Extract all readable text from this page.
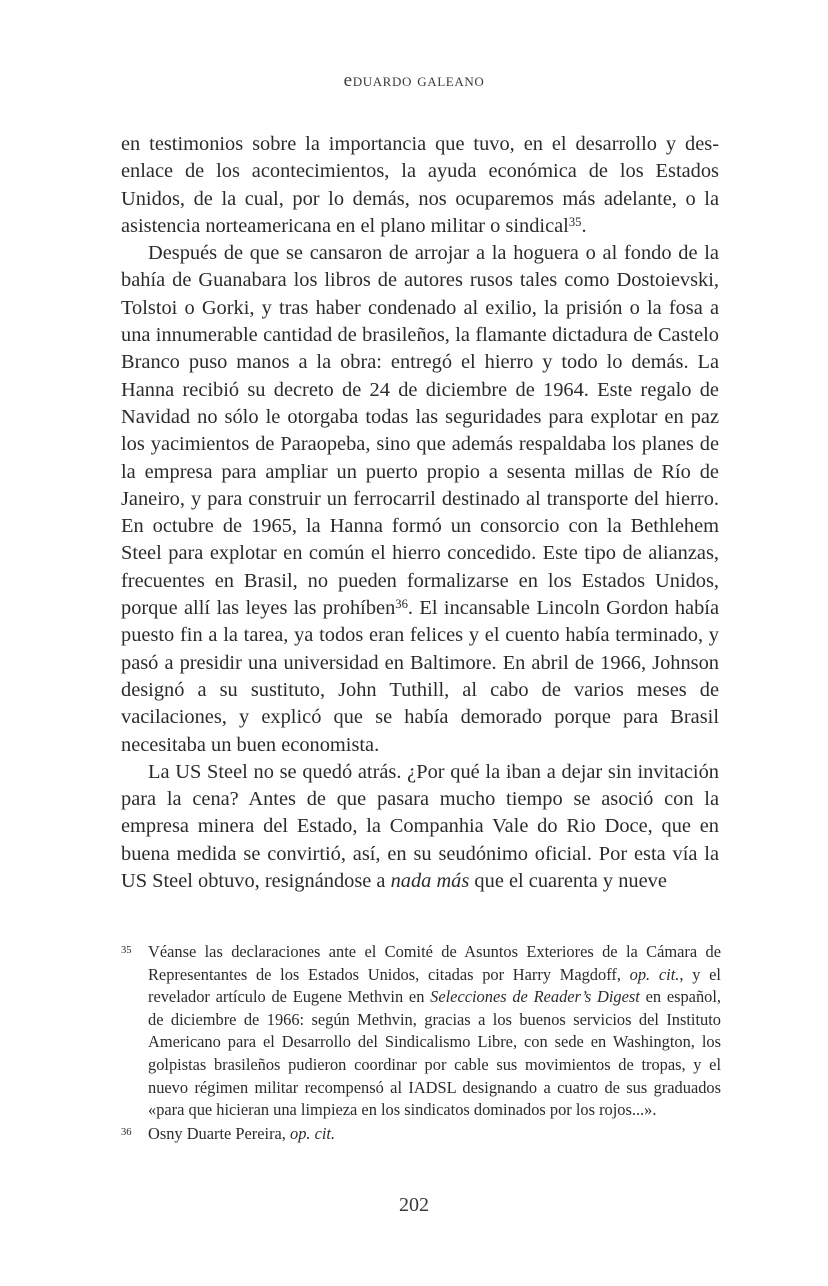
eduardo galeano

en testimonios sobre la importancia que tuvo, en el desarrollo y des-enlace de los acontecimientos, la ayuda económica de los Estados Unidos, de la cual, por lo demás, nos ocuparemos más adelante, o la asistencia norteamericana en el plano militar o sindical$^{35}$.

Después de que se cansaron de arrojar a la hoguera o al fondo de la bahía de Guanabara los libros de autores rusos tales como Dostoievski, Tolstoi o Gorki, y tras haber condenado al exilio, la prisión o la fosa a una innumerable cantidad de brasileños, la flamante dictadura de Castelo Branco puso manos a la obra: entregó el hierro y todo lo demás. La Hanna recibió su decreto de 24 de diciembre de 1964. Este regalo de Navidad no sólo le otorgaba todas las seguridades para explotar en paz los yacimientos de Paraopeba, sino que además respaldaba los planes de la empresa para ampliar un puerto propio a sesenta millas de Río de Janeiro, y para construir un ferrocarril destinado al transporte del hierro. En octubre de 1965, la Hanna formó un consorcio con la Bethlehem Steel para explotar en común el hierro concedido. Este tipo de alianzas, frecuentes en Brasil, no pueden formalizarse en los Estados Unidos, porque allí las leyes las prohíben$^{36}$. El incansable Lincoln Gordon había puesto fin a la tarea, ya todos eran felices y el cuento había terminado, y pasó a presidir una universidad en Baltimore. En abril de 1966, Johnson designó a su sustituto, John Tuthill, al cabo de varios meses de vacilaciones, y explicó que se había demorado porque para Brasil necesitaba un buen economista.

La US Steel no se quedó atrás. ¿Por qué la iban a dejar sin invitación para la cena? Antes de que pasara mucho tiempo se asoció con la empresa minera del Estado, la Companhia Vale do Rio Doce, que en buena medida se convirtió, así, en su seudónimo oficial. Por esta vía la US Steel obtuvo, resignándose a nada más que el cuarenta y nueve

35	Véanse las declaraciones ante el Comité de Asuntos Exteriores de la Cámara de Representantes de los Estados Unidos, citadas por Harry Magdoff, op. cit., y el revelador artículo de Eugene Methvin en Selecciones de Reader’s Digest en español, de diciembre de 1966: según Methvin, gracias a los buenos servicios del Instituto Americano para el Desarrollo del Sindicalismo Libre, con sede en Washington, los golpistas brasileños pudieron coordinar por cable sus movimientos de tropas, y el nuevo régimen militar recompensó al IADSL designando a cuatro de sus graduados «para que hicieran una limpieza en los sindicatos dominados por los rojos...».
36	Osny Duarte Pereira, op. cit.
202
